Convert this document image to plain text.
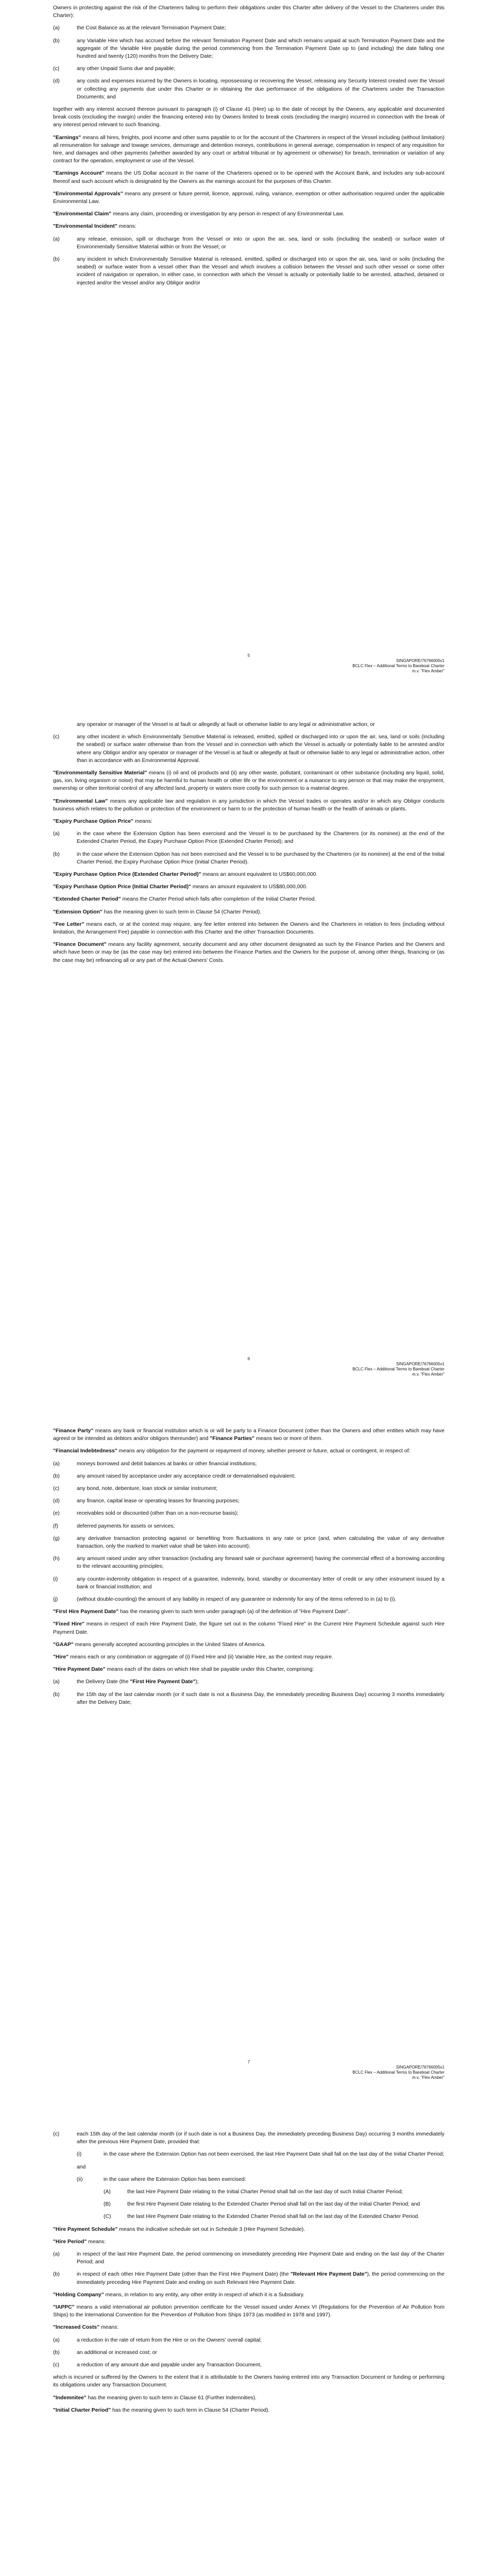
Owners in protecting against the risk of the Charterers failing to perform their obligations under this Charter after delivery of the Vessel to the Charterers under this Charter):

(a)	the Cost Balance as at the relevant Termination Payment Date;
(b)	any Variable Hire which has accrued before the relevant Termination Payment Date and which remains unpaid at such Termination Payment Date and the aggregate of the Variable Hire payable during the period commencing from the Termination Payment Date up to (and including) the date falling one hundred and twenty (120) months from the Delivery Date;
(c)	any other Unpaid Sums due and payable;
(d)	any costs and expenses incurred by the Owners in locating, repossessing or recovering the Vessel, releasing any Security Interest created over the Vessel or collecting any payments due under this Charter or in obtaining the due performance of the obligations of the Charterers under the Transaction Documents; and

together with any interest accrued thereon pursuant to paragraph (i) of Clause 41 (Hire) up to the date of receipt by the Owners, any applicable and documented break costs (excluding the margin) under the financing entered into by Owners limited to break costs (excluding the margin) incurred in connection with the break of any interest period relevant to such financing.

"Earnings" means all hires, freights, pool income and other sums payable to or for the account of the Charterers in respect of the Vessel including (without limitation) all remuneration for salvage and towage services, demurrage and detention moneys, contributions in general average, compensation in respect of any requisition for hire, and damages and other payments (whether awarded by any court or arbitral tribunal or by agreement or otherwise) for breach, termination or variation of any contract for the operation, employment or use of the Vessel.

"Earnings Account" means the US Dollar account in the name of the Charterers opened or to be opened with the Account Bank, and includes any sub-account thereof and such account which is designated by the Owners as the earnings account for the purposes of this Charter.

"Environmental Approvals" means any present or future permit, licence, approval, ruling, variance, exemption or other authorisation required under the applicable Environmental Law.

"Environmental Claim" means any claim, proceeding or investigation by any person in respect of any Environmental Law.

"Environmental Incident" means:

(a)	any release, emission, spill or discharge from the Vessel or into or upon the air, sea, land or soils (including the seabed) or surface water of Environmentally Sensitive Material within or from the Vessel; or
(b)	any incident in which Environmentally Sensitive Material is released, emitted, spilled or discharged into or upon the air, sea, land or soils (including the seabed) or surface water from a vessel other than the Vessel and which involves a collision between the Vessel and such other vessel or some other incident of navigation or operation, in either case, in connection with which the Vessel is actually or potentially liable to be arrested, attached, detained or injected and/or the Vessel and/or any Obligor and/or
5
SINGAPORE/76766005v1
BCLC Flex – Additional Terms to Bareboat Charter
m.v. "Flex Amber"

any operator or manager of the Vessel is at fault or allegedly at fault or otherwise liable to any legal or administrative action; or

(c)	any other incident in which Environmentally Sensitive Material is released, emitted, spilled or discharged into or upon the air, sea, land or soils (including the seabed) or surface water otherwise than from the Vessel and in connection with which the Vessel is actually or potentially liable to be arrested and/or where any Obligor and/or any operator or manager of the Vessel is at fault or allegedly at fault or otherwise liable to any legal or administrative action, other than in accordance with an Environmental Approval.

"Environmentally Sensitive Material" means (i) oil and oil products and (ii) any other waste, pollutant, contaminant or other substance (including any liquid, solid, gas, ion, living organism or noise) that may be harmful to human health or other life or the environment or a nuisance to any person or that may make the enjoyment, ownership or other territorial control of any affected land, property or waters more costly for such person to a material degree.

"Environmental Law" means any applicable law and regulation in any jurisdiction in which the Vessel trades or operates and/or in which any Obligor conducts business which relates to the pollution or protection of the environment or harm to or the protection of human health or the health of animals or plants.

"Expiry Purchase Option Price" means:

(a)	in the case where the Extension Option has been exercised and the Vessel is to be purchased by the Charterers (or its nominee) at the end of the Extended Charter Period, the Expiry Purchase Option Price (Extended Charter Period); and
(b)	in the case where the Extension Option has not been exercised and the Vessel is to be purchased by the Charterers (or its nominee) at the end of the Initial Charter Period, the Expiry Purchase Option Price (Initial Charter Period).

"Expiry Purchase Option Price (Extended Charter Period)" means an amount equivalent to US$60,000,000.

"Expiry Purchase Option Price (Initial Charter Period)" means an amount equivalent to US$80,000,000.

"Extended Charter Period" means the Charter Period which falls after completion of the Initial Charter Period.

"Extension Option" has the meaning given to such term in Clause 54 (Charter Period).

"Fee Letter" means each, or at the context may require, any fee letter entered into between the Owners and the Charterers in relation to fees (including without limitation, the Arrangement Fee) payable in connection with this Charter and the other Transaction Documents.

"Finance Document" means any facility agreement, security document and any other document designated as such by the Finance Parties and the Owners and which have been or may be (as the case may be) entered into between the Finance Parties and the Owners for the purpose of, among other things, financing or (as the case may be) refinancing all or any part of the Actual Owners' Costs.

6
SINGAPORE/76766005v1
BCLC Flex – Additional Terms to Bareboat Charter
m.v. "Flex Amber"

"Finance Party" means any bank or financial institution which is or will be party to a Finance Document (other than the Owners and other entities which may have agreed or be intended as debtors and/or obligors thereunder) and "Finance Parties" means two or more of them.

"Financial Indebtedness" means any obligation for the payment or repayment of money, whether present or future, actual or contingent, in respect of:

(a)	moneys borrowed and debit balances at banks or other financial institutions;
(b)	any amount raised by acceptance under any acceptance credit or dematerialised equivalent;
(c)	any bond, note, debenture, loan stock or similar instrument;
(d)	any finance, capital lease or operating leases for financing purposes;
(e)	receivables sold or discounted (other than on a non-recourse basis);
(f)	deferred payments for assets or services;
(g)	any derivative transaction protecting against or benefiting from fluctuations in any rate or price (and, when calculating the value of any derivative transaction, only the marked to market value shall be taken into account);
(h)	any amount raised under any other transaction (including any forward sale or purchase agreement) having the commercial effect of a borrowing according to the relevant accounting principles;
(i)	any counter-indemnity obligation in respect of a guarantee, indemnity, bond, standby or documentary letter of credit or any other instrument issued by a bank or financial institution; and
(j)	(without double-counting) the amount of any liability in respect of any guarantee or indemnity for any of the items referred to in (a) to (i).

"First Hire Payment Date" has the meaning given to such term under paragraph (a) of the definition of "Hire Payment Date".

"Fixed Hire" means in respect of each Hire Payment Date, the figure set out in the column "Fixed Hire" in the Current Hire Payment Schedule against such Hire Payment Date.

"GAAP" means generally accepted accounting principles in the United States of America.

"Hire" means each or any combination or aggregate of (i) Fixed Hire and (ii) Variable Hire, as the context may require.

"Hire Payment Date" means each of the dates on which Hire shall be payable under this Charter, comprising:

(a)	the Delivery Date (the "First Hire Payment Date");
(b)	the 15th day of the last calendar month (or if such date is not a Business Day, the immediately preceding Business Day) occurring 3 months immediately after the Delivery Date;
7
SINGAPORE/76766005v1
BCLC Flex – Additional Terms to Bareboat Charter
m.v. "Flex Amber"
(c)	each 15th day of the last calendar month (or if such date is not a Business Day, the immediately preceding Business Day) occurring 3 months immediately after the previous Hire Payment Date, provided that:
(i)	in the case where the Extension Option has not been exercised, the last Hire Payment Date shall fall on the last day of the Initial Charter Period;

and

(ii)	in the case where the Extension Option has been exercised:
(A)	the last Hire Payment Date relating to the Initial Charter Period shall fall on the last day of such Initial Charter Period;
(B)	the first Hire Payment Date relating to the Extended Charter Period shall fall on the last day of the Initial Charter Period; and
(C)	the last Hire Payment Date relating to the Extended Charter Period shall fall on the last day of the Extended Charter Period.

"Hire Payment Schedule" means the indicative schedule set out in Schedule 3 (Hire Payment Schedule).

"Hire Period" means:

(a)	in respect of the last Hire Payment Date, the period commencing on immediately preceding Hire Payment Date and ending on the last day of the Charter Period; and
(b)	in respect of each other Hire Payment Date (other than the First Hire Payment Date) (the "Relevant Hire Payment Date"), the period commencing on the immediately preceding Hire Payment Date and ending on such Relevant Hire Payment Date.

"Holding Company" means, in relation to any entity, any other entity in respect of which it is a Subsidiary.

"IAPPC" means a valid international air pollution prevention certificate for the Vessel issued under Annex VI (Regulations for the Prevention of Air Pollution from Ships) to the International Convention for the Prevention of Pollution from Ships 1973 (as modified in 1978 and 1997).

"Increased Costs" means:

(a)	a reduction in the rate of return from the Hire or on the Owners' overall capital;
(b)	an additional or increased cost; or
(c)	a reduction of any amount due and payable under any Transaction Document,

which is incurred or suffered by the Owners to the extent that it is attributable to the Owners having entered into any Transaction Document or funding or performing its obligations under any Transaction Document.

"Indemnitee" has the meaning given to such term in Clause 61 (Further Indemnities).

"Initial Charter Period" has the meaning given to such term in Clause 54 (Charter Period).
